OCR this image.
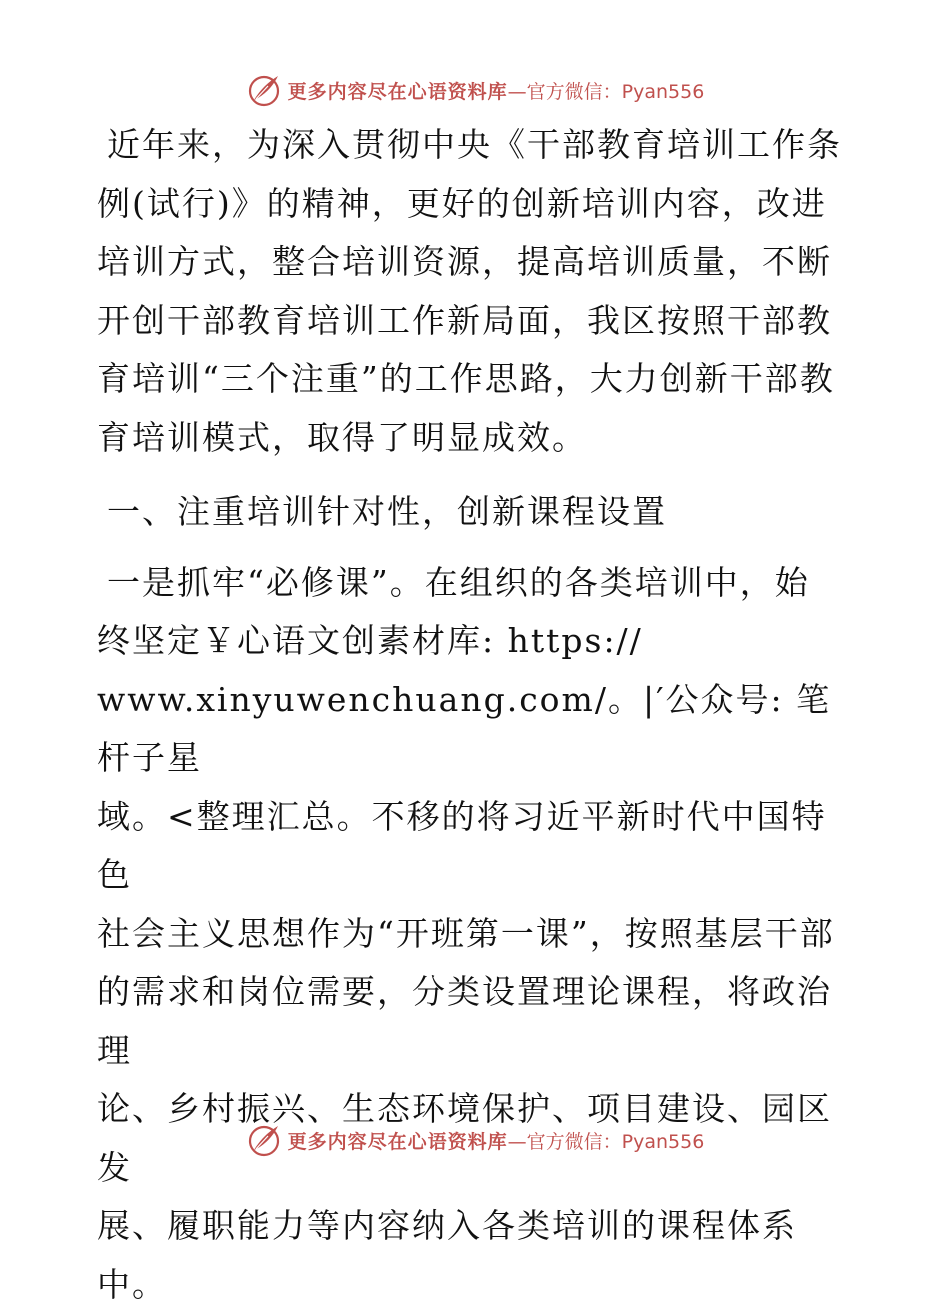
更多内容尽在心语资料库 —官方微信：Pyan556

近年来，为深入贯彻中央《干部教育培训工作条例(试行)》的精神，更好的创新培训内容，改进培训方式，整合培训资源，提高培训质量，不断开创干部教育培训工作新局面，我区按照干部教育培训“三个注重”的工作思路，大力创新干部教育培训模式，取得了明显成效。

一、注重培训针对性，创新课程设置

一是抓牢“必修课”。在组织的各类培训中，始
终坚定￥心语文创素材库: https://
www.xinyuwenchuang.com/。|′公众号: 笔杆子星
域。<整理汇总。不移的将习近平新时代中国特色
社会主义思想作为“开班第一课”，按照基层干部
的需求和岗位需要，分类设置理论课程，将政治理
论、乡村振兴、生态环境保护、项目建设、园区发
展、履职能力等内容纳入各类培训的课程体系中。
更多内容尽在心语资料库 —官方微信：Pyan556
